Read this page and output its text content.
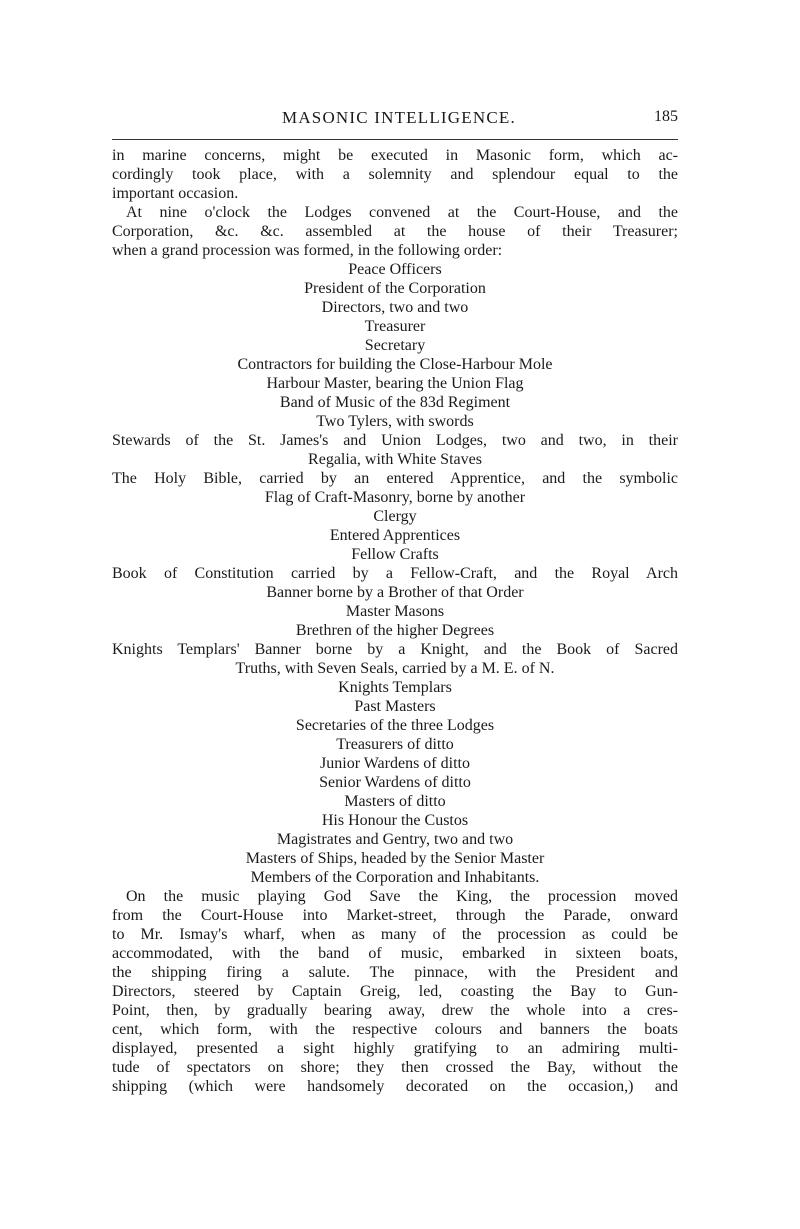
MASONIC INTELLIGENCE.	185
in marine concerns, might be executed in Masonic form, which ac-
cordingly took place, with a solemnity and splendour equal to the
important occasion.
At nine o'clock the Lodges convened at the Court-House, and the
Corporation, &c. &c. assembled at the house of their Treasurer;
when a grand procession was formed, in the following order:
Peace Officers
President of the Corporation
Directors, two and two
Treasurer
Secretary
Contractors for building the Close-Harbour Mole
Harbour Master, bearing the Union Flag
Band of Music of the 83d Regiment
Two Tylers, with swords
Stewards of the St. James's and Union Lodges, two and two, in their
Regalia, with White Staves
The Holy Bible, carried by an entered Apprentice, and the symbolic
Flag of Craft-Masonry, borne by another
Clergy
Entered Apprentices
Fellow Crafts
Book of Constitution carried by a Fellow-Craft, and the Royal Arch
Banner borne by a Brother of that Order
Master Masons
Brethren of the higher Degrees
Knights Templars' Banner borne by a Knight, and the Book of Sacred
Truths, with Seven Seals, carried by a M. E. of N.
Knights Templars
Past Masters
Secretaries of the three Lodges
Treasurers of ditto
Junior Wardens of ditto
Senior Wardens of ditto
Masters of ditto
His Honour the Custos
Magistrates and Gentry, two and two
Masters of Ships, headed by the Senior Master
Members of the Corporation and Inhabitants.
On the music playing God Save the King, the procession moved
from the Court-House into Market-street, through the Parade, onward
to Mr. Ismay's wharf, when as many of the procession as could be
accommodated, with the band of music, embarked in sixteen boats,
the shipping firing a salute. The pinnace, with the President and
Directors, steered by Captain Greig, led, coasting the Bay to Gun-
Point, then, by gradually bearing away, drew the whole into a cres-
cent, which form, with the respective colours and banners the boats
displayed, presented a sight highly gratifying to an admiring multi-
tude of spectators on shore; they then crossed the Bay, without the
shipping (which were handsomely decorated on the occasion,) and
